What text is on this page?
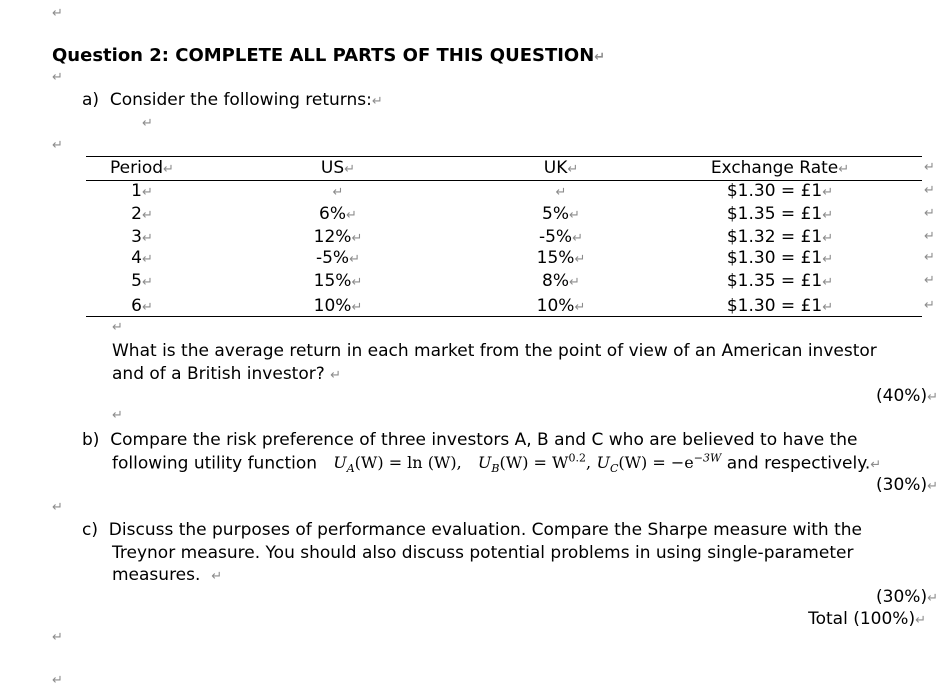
↵
Question 2: COMPLETE ALL PARTS OF THIS QUESTION↵
↵
a) Consider the following returns:↵
↵
↵
Period↵	US↵	UK↵	Exchange Rate↵	↵
1↵	↵	↵	$1.30 = £1↵	↵
2↵	6%↵	5%↵	$1.35 = £1↵	↵
3↵	12%↵	-5%↵	$1.32 = £1↵	↵
4↵	-5%↵	15%↵	$1.30 = £1↵	↵
5↵	15%↵	8%↵	$1.35 = £1↵	↵
6↵	10%↵	10%↵	$1.30 = £1↵	↵
↵
What is the average return in each market from the point of view of an American investor
and of a British investor? ↵
(40%)↵
↵
b) Compare the risk preference of three investors A, B and C who are believed to have the
following utility function $U_A(W) = \ln (W)$, $U_B(W) = W^{0.2}$, $U_C(W) = -e^{-3W}$ and respectively.↵
(30%)↵
↵
c) Discuss the purposes of performance evaluation. Compare the Sharpe measure with the
Treynor measure. You should also discuss potential problems in using single-parameter
measures. ↵
(30%)↵
Total (100%)↵
↵
↵
